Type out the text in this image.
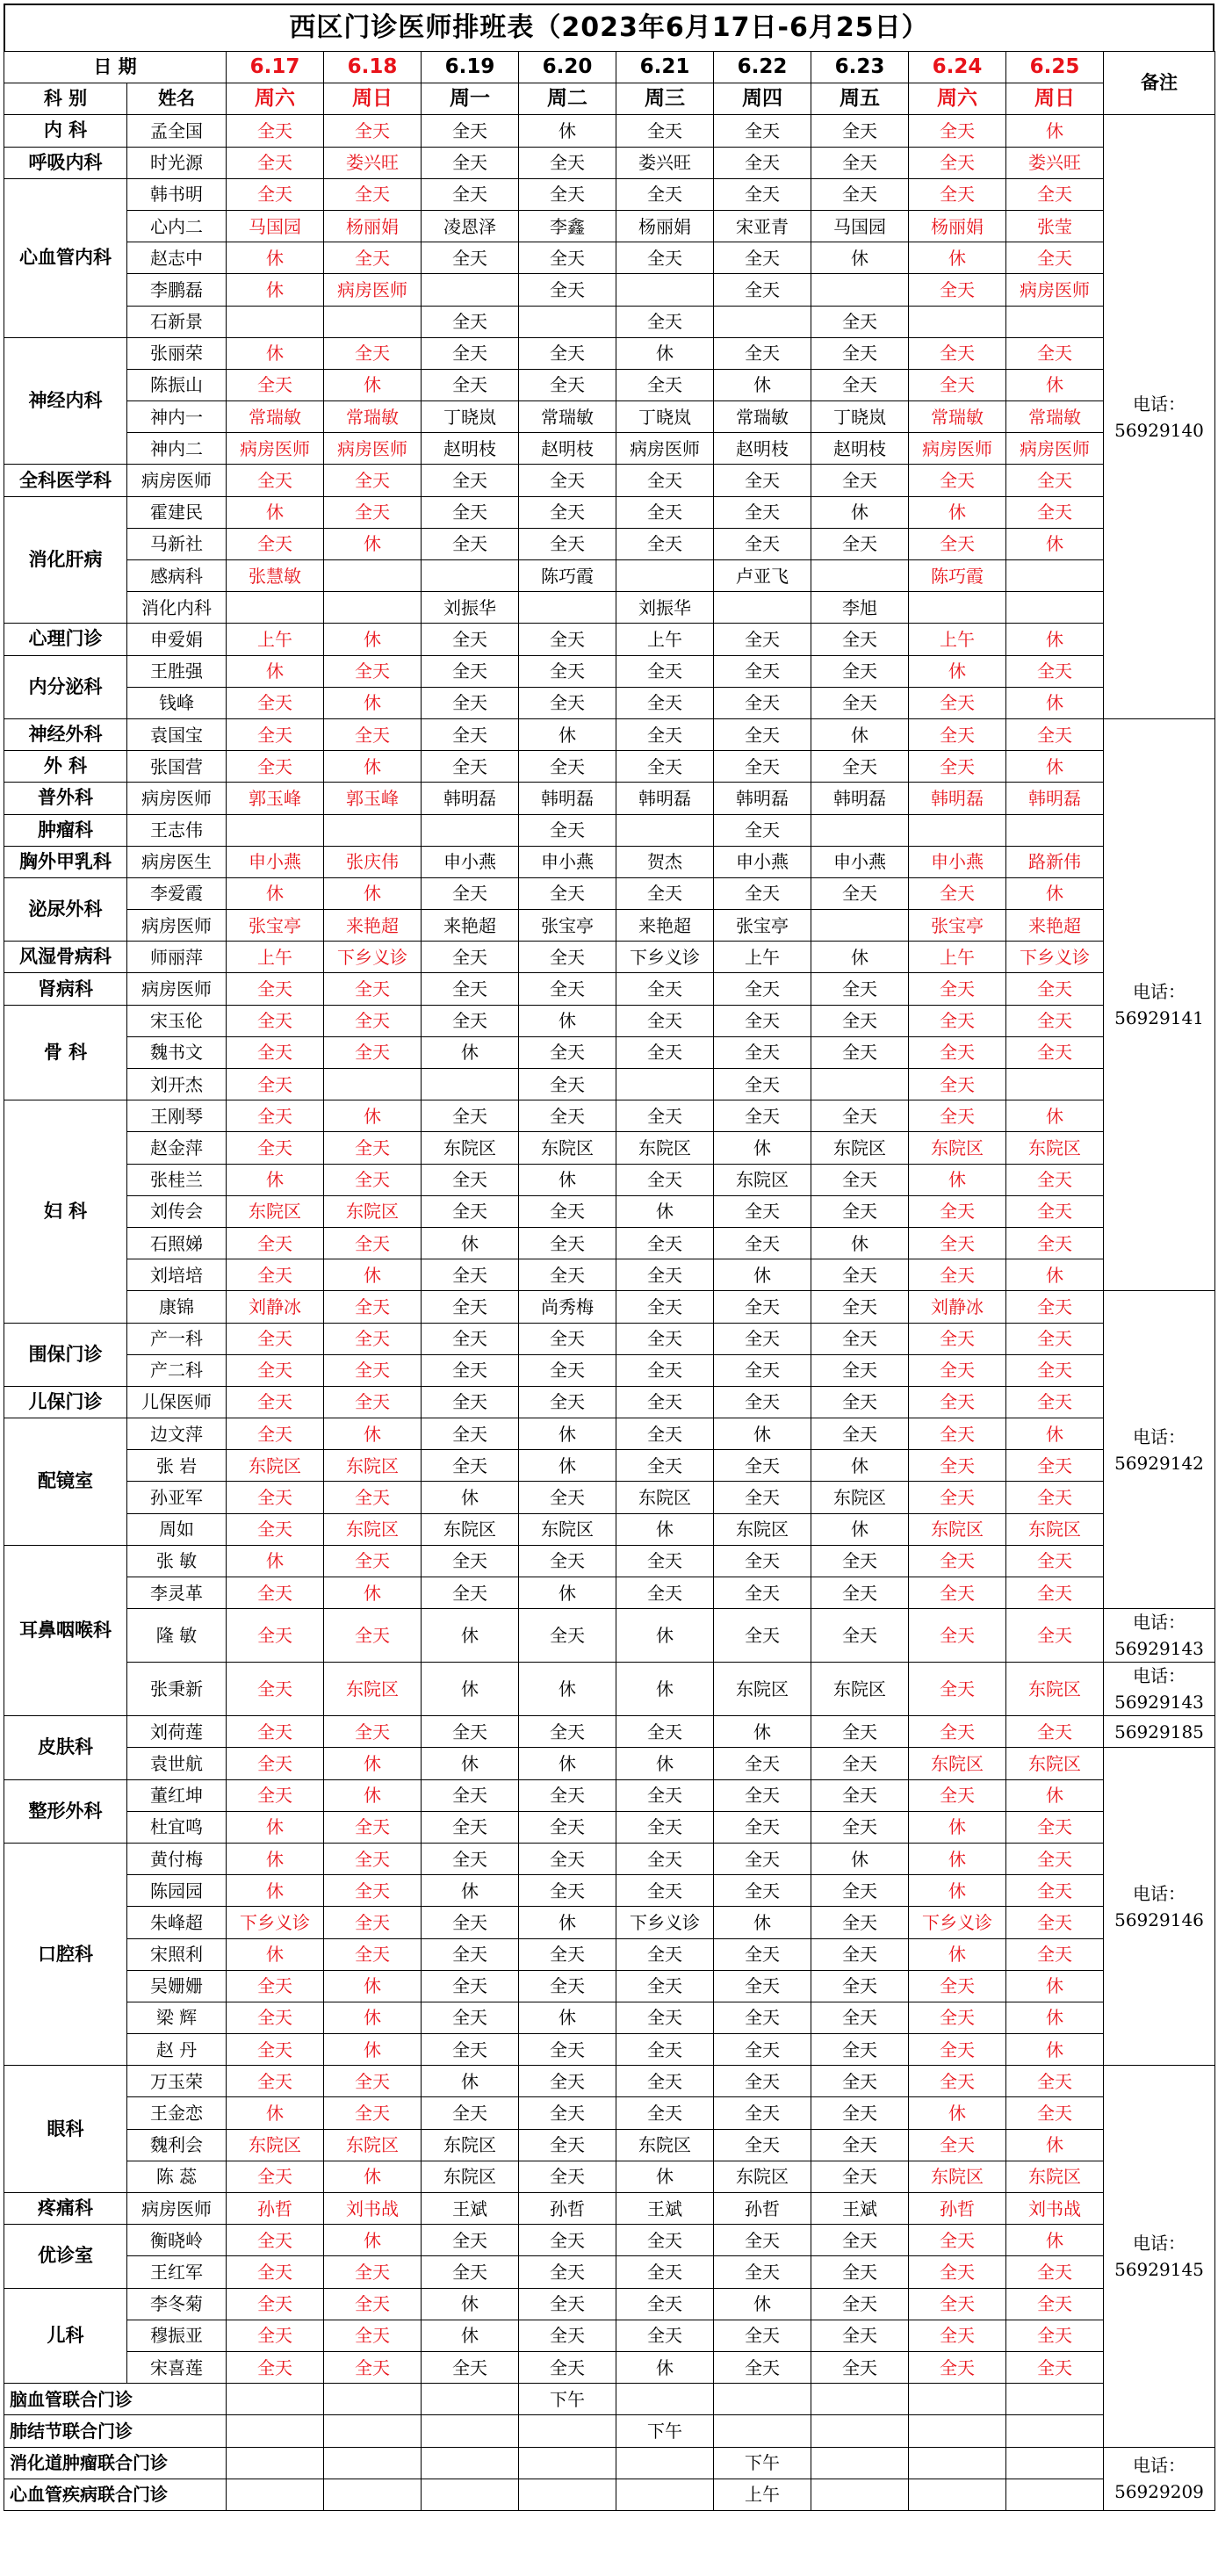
西区门诊医师排班表（2023年6月17日-6月25日）
日 期		6.17	6.18	6.19	6.20	6.21	6.22	6.23	6.24	6.25	备注
科 别	姓名	周六	周日	周一	周二	周三	周四	周五	周六	周日	
内 科	孟全国	全天	全天	全天	休	全天	全天	全天	全天	休	电话：56929140
呼吸内科	时光源	全天	娄兴旺	全天	全天	娄兴旺	全天	全天	全天	娄兴旺	
心血管内科	韩书明	全天	全天	全天	全天	全天	全天	全天	全天	全天	
	心内二	马国园	杨丽娟	凌恩泽	李鑫	杨丽娟	宋亚青	马国园	杨丽娟	张莹	
	赵志中	休	全天	全天	全天	全天	全天	休	休	全天	
	李鹏磊	休	病房医师		全天		全天		全天	病房医师	
	石新景			全天		全天		全天			
神经内科	张丽荣	休	全天	全天	全天	休	全天	全天	全天	全天	
	陈振山	全天	休	全天	全天	全天	休	全天	全天	休	
	神内一	常瑞敏	常瑞敏	丁晓岚	常瑞敏	丁晓岚	常瑞敏	丁晓岚	常瑞敏	常瑞敏	
	神内二	病房医师	病房医师	赵明枝	赵明枝	病房医师	赵明枝	赵明枝	病房医师	病房医师	
全科医学科	病房医师	全天	全天	全天	全天	全天	全天	全天	全天	全天	
消化肝病	霍建民	休	全天	全天	全天	全天	全天	休	休	全天	
	马新社	全天	休	全天	全天	全天	全天	全天	全天	休	
	感病科	张慧敏			陈巧霞		卢亚飞		陈巧霞		
	消化内科			刘振华		刘振华		李旭			
心理门诊	申爱娟	上午	休	全天	全天	上午	全天	全天	上午	休	
内分泌科	王胜强	休	全天	全天	全天	全天	全天	全天	休	全天	
	钱峰	全天	休	全天	全天	全天	全天	全天	全天	休	
神经外科	袁国宝	全天	全天	全天	休	全天	全天	休	全天	全天	电话：56929141
外 科	张国营	全天	休	全天	全天	全天	全天	全天	全天	休	
普外科	病房医师	郭玉峰	郭玉峰	韩明磊	韩明磊	韩明磊	韩明磊	韩明磊	韩明磊	韩明磊	
肿瘤科	王志伟				全天		全天				
胸外甲乳科	病房医生	申小燕	张庆伟	申小燕	申小燕	贺杰	申小燕	申小燕	申小燕	路新伟	
泌尿外科	李爱霞	休	休	全天	全天	全天	全天	全天	全天	休	
	病房医师	张宝亭	来艳超	来艳超	张宝亭	来艳超	张宝亭		张宝亭	来艳超	
风湿骨病科	师丽萍	上午	下乡义诊	全天	全天	下乡义诊	上午	休	上午	下乡义诊	
肾病科	病房医师	全天	全天	全天	全天	全天	全天	全天	全天	全天	
骨 科	宋玉伦	全天	全天	全天	休	全天	全天	全天	全天	全天	
	魏书文	全天	全天	休	全天	全天	全天	全天	全天	全天	
	刘开杰	全天			全天		全天		全天		
妇 科	王刚琴	全天	休	全天	全天	全天	全天	全天	全天	休	
	赵金萍	全天	全天	东院区	东院区	东院区	休	东院区	东院区	东院区	
	张桂兰	休	全天	全天	休	全天	东院区	全天	休	全天	
	刘传会	东院区	东院区	全天	全天	休	全天	全天	全天	全天	
	石照娣	全天	全天	休	全天	全天	全天	休	全天	全天	
	刘培培	全天	休	全天	全天	全天	休	全天	全天	休	
	康锦	刘静冰	全天	全天	尚秀梅	全天	全天	全天	刘静冰	全天	电话：56929142
围保门诊	产一科	全天	全天	全天	全天	全天	全天	全天	全天	全天	
	产二科	全天	全天	全天	全天	全天	全天	全天	全天	全天	
儿保门诊	儿保医师	全天	全天	全天	全天	全天	全天	全天	全天	全天	
配镜室	边文萍	全天	休	全天	休	全天	休	全天	全天	休	
	张 岩	东院区	东院区	全天	休	全天	全天	休	全天	全天	
	孙亚军	全天	全天	休	全天	东院区	全天	东院区	全天	全天	
	周如	全天	东院区	东院区	东院区	休	东院区	休	东院区	东院区	
耳鼻咽喉科	张 敏	休	全天	全天	全天	全天	全天	全天	全天	全天	
	李灵革	全天	休	全天	休	全天	全天	全天	全天	全天	
	隆 敏	全天	全天	休	全天	休	全天	全天	全天	全天	电话：56929143
	张秉新	全天	东院区	休	休	休	东院区	东院区	全天	东院区	电话：56929143
皮肤科	刘荷莲	全天	全天	全天	全天	全天	休	全天	全天	全天	56929185
	袁世航	全天	休	休	休	休	全天	全天	东院区	东院区	电话：56929146
整形外科	董红坤	全天	休	全天	全天	全天	全天	全天	全天	休	
	杜宜鸣	休	全天	全天	全天	全天	全天	全天	休	全天	
口腔科	黄付梅	休	全天	全天	全天	全天	全天	休	休	全天	
	陈园园	休	全天	休	全天	全天	全天	全天	休	全天	
	朱峰超	下乡义诊	全天	全天	休	下乡义诊	休	全天	下乡义诊	全天	
	宋照利	休	全天	全天	全天	全天	全天	全天	休	全天	
	吴姗姗	全天	休	全天	全天	全天	全天	全天	全天	休	
	梁 辉	全天	休	全天	休	全天	全天	全天	全天	休	
	赵 丹	全天	休	全天	全天	全天	全天	全天	全天	休	
眼科	万玉荣	全天	全天	休	全天	全天	全天	全天	全天	全天	电话：56929145
	王金恋	休	全天	全天	全天	全天	全天	全天	休	全天	
	魏利会	东院区	东院区	东院区	全天	东院区	全天	全天	全天	休	
	陈 蕊	全天	休	东院区	全天	休	东院区	全天	东院区	东院区	
疼痛科	病房医师	孙哲	刘书战	王斌	孙哲	王斌	孙哲	王斌	孙哲	刘书战	
优诊室	衡晓岭	全天	休	全天	全天	全天	全天	全天	全天	休	
	王红军	全天	全天	全天	全天	全天	全天	全天	全天	全天	
儿科	李冬菊	全天	全天	休	全天	全天	休	全天	全天	全天	
	穆振亚	全天	全天	休	全天	全天	全天	全天	全天	全天	
	宋喜莲	全天	全天	全天	全天	休	全天	全天	全天	全天	
脑血管联合门诊					下午						
肺结节联合门诊						下午					
消化道肿瘤联合门诊							下午				电话：56929209
心血管疾病联合门诊							上午				
